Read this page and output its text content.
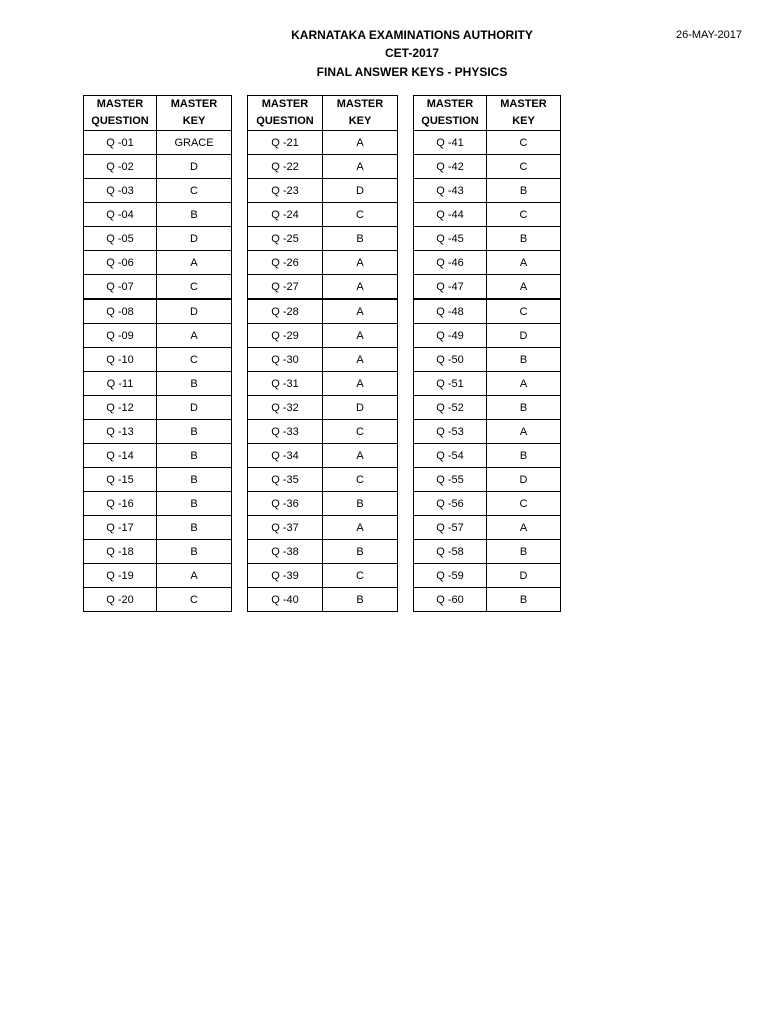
KARNATAKA EXAMINATIONS AUTHORITY
CET-2017
FINAL ANSWER KEYS - PHYSICS
26-MAY-2017
MASTER
QUESTION	MASTER
KEY		MASTER
QUESTION	MASTER
KEY		MASTER
QUESTION	MASTER
KEY
Q -01	GRACE		Q -21	A		Q -41	C
Q -02	D		Q -22	A		Q -42	C
Q -03	C		Q -23	D		Q -43	B
Q -04	B		Q -24	C		Q -44	C
Q -05	D		Q -25	B		Q -45	B
Q -06	A		Q -26	A		Q -46	A
Q -07	C		Q -27	A		Q -47	A
Q -08	D		Q -28	A		Q -48	C
Q -09	A		Q -29	A		Q -49	D
Q -10	C		Q -30	A		Q -50	B
Q -11	B		Q -31	A		Q -51	A
Q -12	D		Q -32	D		Q -52	B
Q -13	B		Q -33	C		Q -53	A
Q -14	B		Q -34	A		Q -54	B
Q -15	B		Q -35	C		Q -55	D
Q -16	B		Q -36	B		Q -56	C
Q -17	B		Q -37	A		Q -57	A
Q -18	B		Q -38	B		Q -58	B
Q -19	A		Q -39	C		Q -59	D
Q -20	C		Q -40	B		Q -60	B
